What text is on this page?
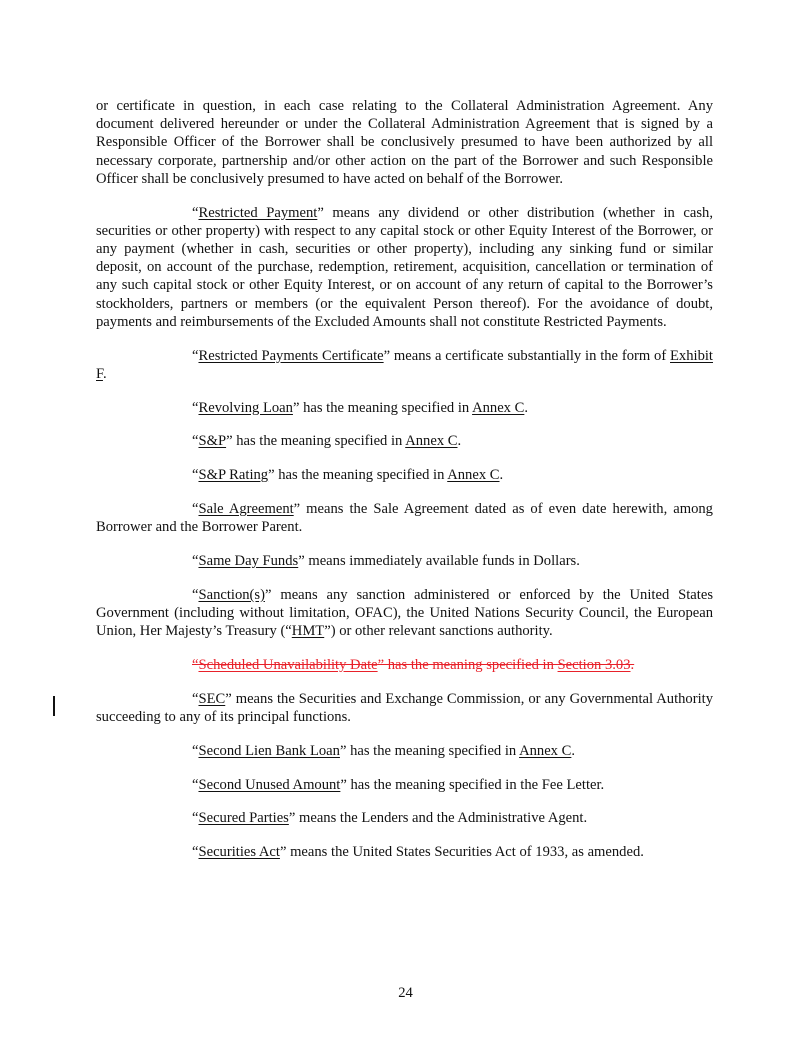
or certificate in question, in each case relating to the Collateral Administration Agreement. Any document delivered hereunder or under the Collateral Administration Agreement that is signed by a Responsible Officer of the Borrower shall be conclusively presumed to have been authorized by all necessary corporate, partnership and/or other action on the part of the Borrower and such Responsible Officer shall be conclusively presumed to have acted on behalf of the Borrower.

“Restricted Payment” means any dividend or other distribution (whether in cash, securities or other property) with respect to any capital stock or other Equity Interest of the Borrower, or any payment (whether in cash, securities or other property), including any sinking fund or similar deposit, on account of the purchase, redemption, retirement, acquisition, cancellation or termination of any such capital stock or other Equity Interest, or on account of any return of capital to the Borrower’s stockholders, partners or members (or the equivalent Person thereof). For the avoidance of doubt, payments and reimbursements of the Excluded Amounts shall not constitute Restricted Payments.

“Restricted Payments Certificate” means a certificate substantially in the form of Exhibit F.

“Revolving Loan” has the meaning specified in Annex C.

“S&P” has the meaning specified in Annex C.

“S&P Rating” has the meaning specified in Annex C.

“Sale Agreement” means the Sale Agreement dated as of even date herewith, among Borrower and the Borrower Parent.

“Same Day Funds” means immediately available funds in Dollars.

“Sanction(s)” means any sanction administered or enforced by the United States Government (including without limitation, OFAC), the United Nations Security Council, the European Union, Her Majesty’s Treasury (“HMT”) or other relevant sanctions authority.

“Scheduled Unavailability Date” has the meaning specified in Section 3.03.

“SEC” means the Securities and Exchange Commission, or any Governmental Authority succeeding to any of its principal functions.

“Second Lien Bank Loan” has the meaning specified in Annex C.

“Second Unused Amount” has the meaning specified in the Fee Letter.

“Secured Parties” means the Lenders and the Administrative Agent.

“Securities Act” means the United States Securities Act of 1933, as amended.

24
